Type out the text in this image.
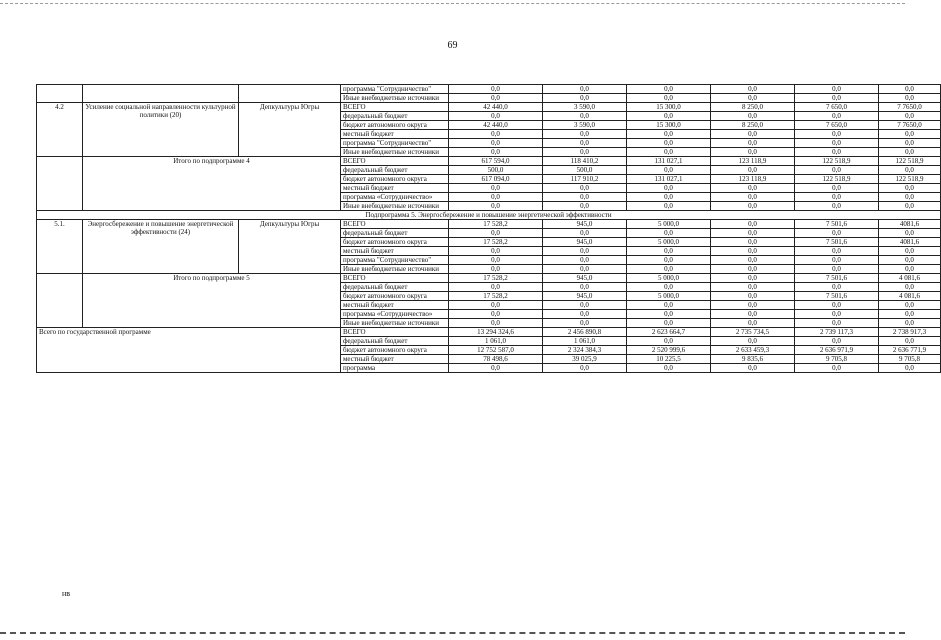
69
			программа "Сотрудничество"	0,0	0,0	0,0	0,0	0,0	0,0
			Иные внебюджетные источники	0,0	0,0	0,0	0,0	0,0	0,0
4.2	Усиление социальной направленности культурной политики (20)	Депкультуры Югры	ВСЕГО	42 440,0	3 590,0	15 300,0	8 250,0	7 650,0	7 7650,0
			федеральный бюджет	0,0	0,0	0,0	0,0	0,0	0,0
			бюджет автономного округа	42 440,0	3 590,0	15 300,0	8 250,0	7 650,0	7 7650,0
			местный бюджет	0,0	0,0	0,0	0,0	0,0	0,0
			программа "Сотрудничество"	0,0	0,0	0,0	0,0	0,0	0,0
			Иные внебюджетные источники	0,0	0,0	0,0	0,0	0,0	0,0
	Итого по подпрограмме 4		ВСЕГО	617 594,0	118 410,2	131 027,1	123 118,9	122 518,9	122 518,9
			федеральный бюджет	500,0	500,0	0,0	0,0	0,0	0,0
			бюджет автономного округа	617 094,0	117 910,2	131 027,1	123 118,9	122 518,9	122 518,9
			местный бюджет	0,0	0,0	0,0	0,0	0,0	0,0
			программа «Сотрудничество»	0,0	0,0	0,0	0,0	0,0	0,0
			Иные внебюджетные источники	0,0	0,0	0,0	0,0	0,0	0,0
Подпрограмма 5. Энергосбережение и повышение энергетической эффективности									
5.1.	Энергосбережение и повышение энергетической эффективности (24)	Депкультуры Югры	ВСЕГО	17 528,2	945,0	5 000,0	0,0	7 501,6	4081,6
			федеральный бюджет	0,0	0,0	0,0	0,0	0,0	0,0
			бюджет автономного округа	17 528,2	945,0	5 000,0	0,0	7 501,6	4081,6
			местный бюджет	0,0	0,0	0,0	0,0	0,0	0,0
			программа "Сотрудничество"	0,0	0,0	0,0	0,0	0,0	0,0
			Иные внебюджетные источники	0,0	0,0	0,0	0,0	0,0	0,0
	Итого по подпрограмме 5		ВСЕГО	17 528,2	945,0	5 000,0	0,0	7 501,6	4 081,6
			федеральный бюджет	0,0	0,0	0,0	0,0	0,0	0,0
			бюджет автономного округа	17 528,2	945,0	5 000,0	0,0	7 501,6	4 081,6
			местный бюджет	0,0	0,0	0,0	0,0	0,0	0,0
			программа «Сотрудничество»	0,0	0,0	0,0	0,0	0,0	0,0
			Иные внебюджетные источники	0,0	0,0	0,0	0,0	0,0	0,0
Всего по государственной программе			ВСЕГО	13 294 324,6	2 456 890,8	2 623 664,7	2 735 734,5	2 739 117,3	2 738 917,3
			федеральный бюджет	1 061,0	1 061,0	0,0	0,0	0,0	0,0
			бюджет автономного округа	12 752 587,0	2 324 384,3	2 520 999,6	2 633 459,3	2 636 971,9	2 636 771,9
			местный бюджет	78 498,6	39 025,9	10 225,5	9 835,6	9 705,8	9 705,8
			программа	0,0	0,0	0,0	0,0	0,0	0,0
нв
